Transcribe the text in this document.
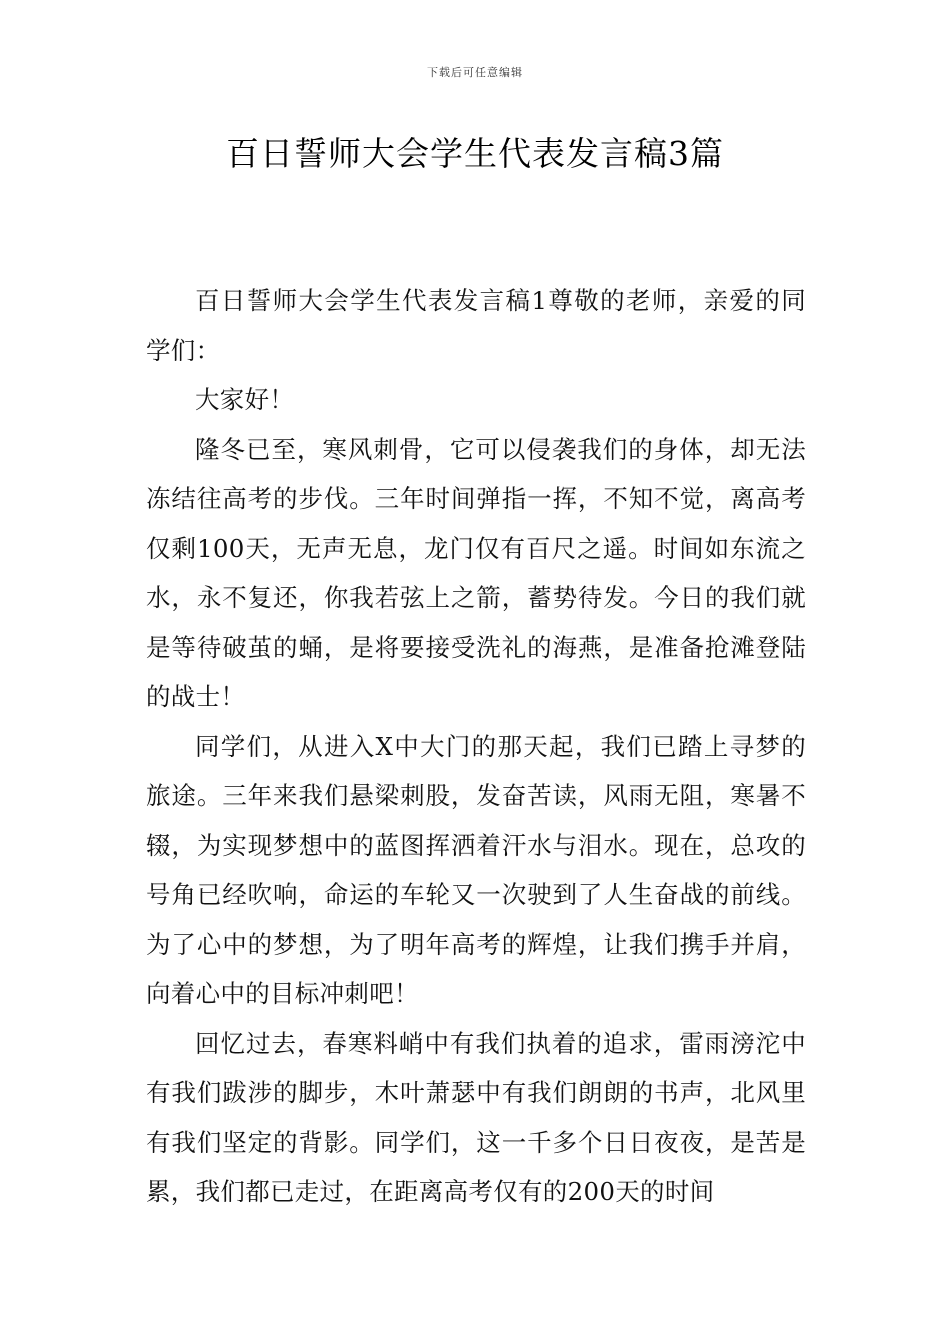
下载后可任意编辑
百日誓师大会学生代表发言稿3篇

百日誓师大会学生代表发言稿1尊敬的老师，亲爱的同学们：

大家好！

隆冬已至，寒风刺骨，它可以侵袭我们的身体，却无法冻结往高考的步伐。三年时间弹指一挥，不知不觉，离高考仅剩100天，无声无息，龙门仅有百尺之遥。时间如东流之水，永不复还，你我若弦上之箭，蓄势待发。今日的我们就是等待破茧的蛹，是将要接受洗礼的海燕，是准备抢滩登陆的战士！

同学们，从进入X中大门的那天起，我们已踏上寻梦的旅途。三年来我们悬梁刺股，发奋苦读，风雨无阻，寒暑不辍，为实现梦想中的蓝图挥洒着汗水与泪水。现在，总攻的号角已经吹响，命运的车轮又一次驶到了人生奋战的前线。为了心中的梦想，为了明年高考的辉煌，让我们携手并肩，向着心中的目标冲刺吧！

回忆过去，春寒料峭中有我们执着的追求，雷雨滂沱中有我们跋涉的脚步，木叶萧瑟中有我们朗朗的书声，北风里有我们坚定的背影。同学们，这一千多个日日夜夜，是苦是累，我们都已走过，在距离高考仅有的200天的时间
